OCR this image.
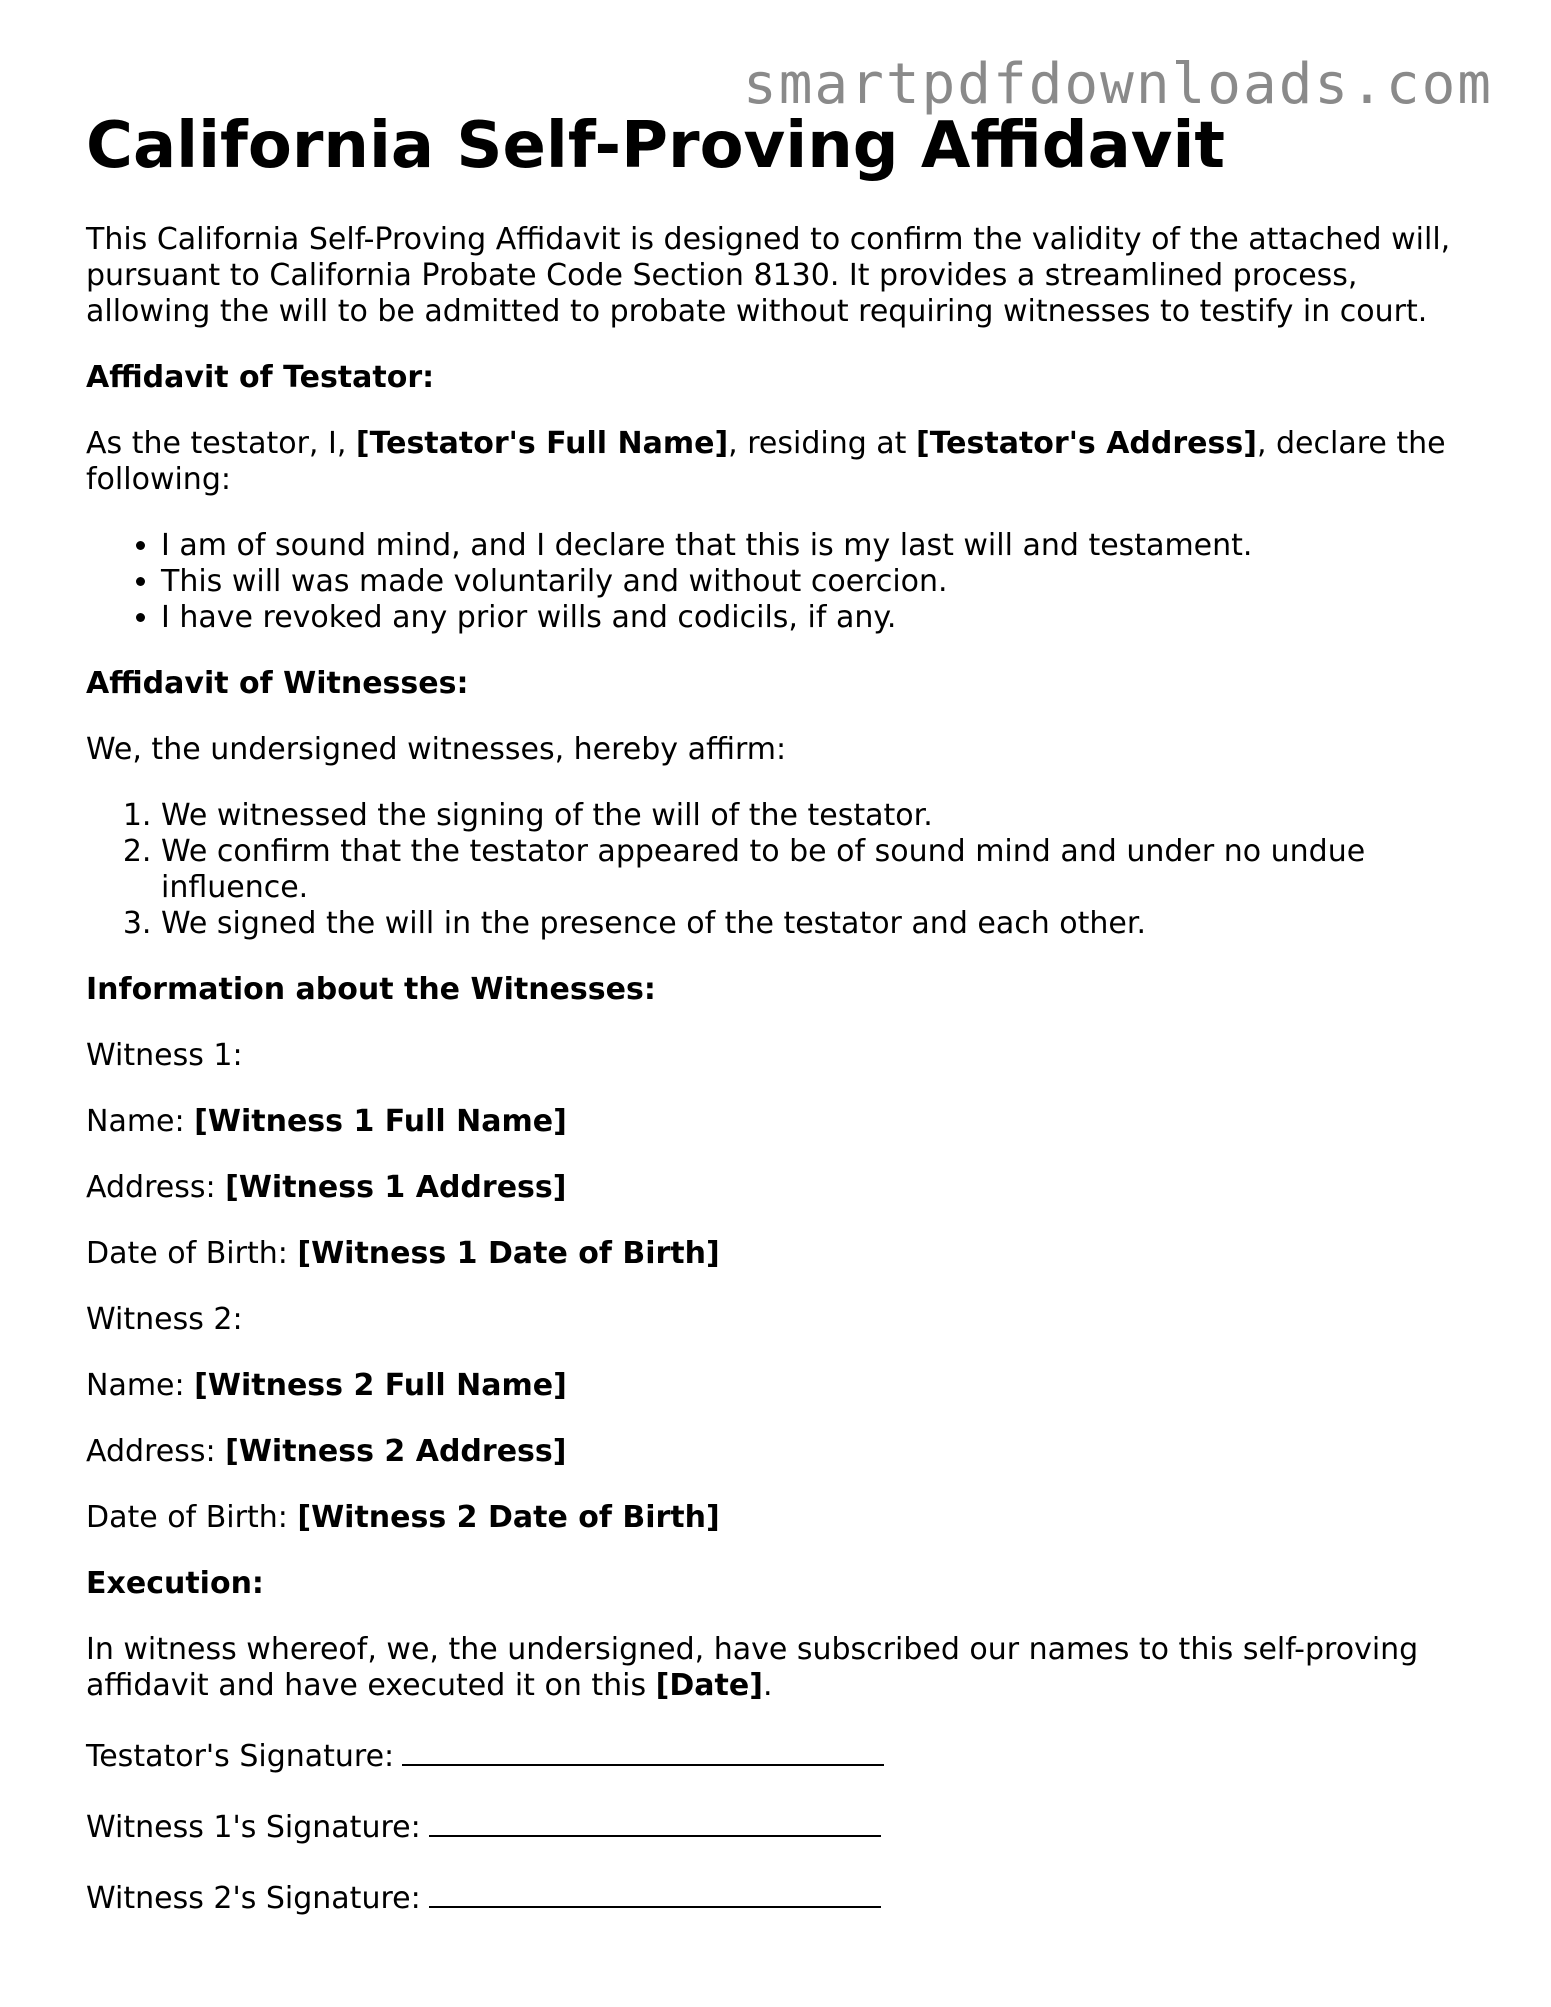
smartpdfdownloads.com
California Self-Proving Affidavit

This California Self-Proving Affidavit is designed to confirm the validity of the attached will, pursuant to California Probate Code Section 8130. It provides a streamlined process, allowing the will to be admitted to probate without requiring witnesses to testify in court.

Affidavit of Testator:

As the testator, I, [Testator's Full Name], residing at [Testator's Address], declare the following:

• I am of sound mind, and I declare that this is my last will and testament.
• This will was made voluntarily and without coercion.
• I have revoked any prior wills and codicils, if any.

Affidavit of Witnesses:

We, the undersigned witnesses, hereby affirm:

1. We witnessed the signing of the will of the testator.
2. We confirm that the testator appeared to be of sound mind and under no undue influence.
3. We signed the will in the presence of the testator and each other.

Information about the Witnesses:

Witness 1:

Name: [Witness 1 Full Name]

Address: [Witness 1 Address]

Date of Birth: [Witness 1 Date of Birth]

Witness 2:

Name: [Witness 2 Full Name]

Address: [Witness 2 Address]

Date of Birth: [Witness 2 Date of Birth]

Execution:

In witness whereof, we, the undersigned, have subscribed our names to this self-proving affidavit and have executed it on this [Date].

Testator's Signature:

Witness 1's Signature:

Witness 2's Signature:
